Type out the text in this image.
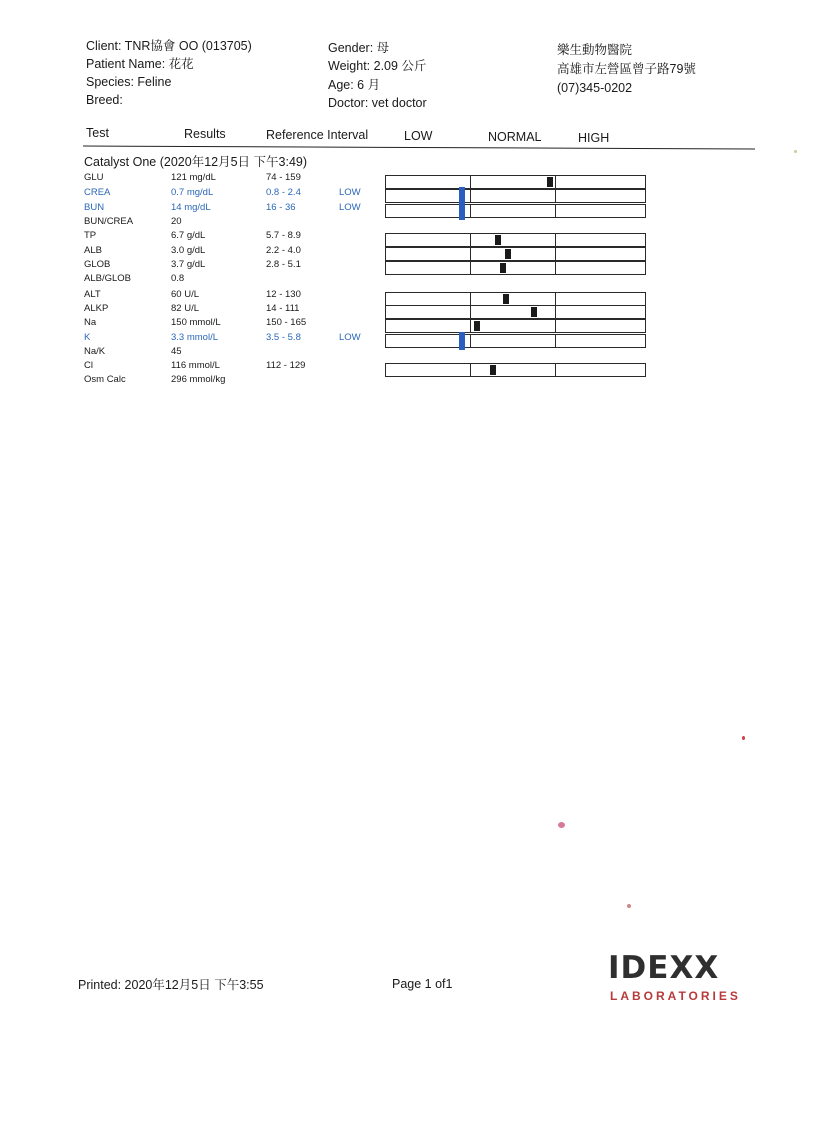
Client: TNR協會 OO (013705)
Patient Name: 花花
Species: Feline
Breed:
Gender: 母
Weight: 2.09 公斤
Age: 6 月
Doctor: vet doctor
樂生動物醫院
高雄市左營區曾子路79號
(07)345-0202
Test	Results	Reference Interval	LOW	NORMAL	HIGH
Catalyst One (2020年12月5日 下午3:49)
GLU	121 mg/dL	74 - 159
CREA	0.7 mg/dL	0.8 - 2.4	LOW
BUN	14 mg/dL	16 - 36	LOW
BUN/CREA	20
TP	6.7 g/dL	5.7 - 8.9
ALB	3.0 g/dL	2.2 - 4.0
GLOB	3.7 g/dL	2.8 - 5.1
ALB/GLOB	0.8
ALT	60 U/L	12 - 130
ALKP	82 U/L	14 - 111
Na	150 mmol/L	150 - 165
K	3.3 mmol/L	3.5 - 5.8	LOW
Na/K	45
Cl	116 mmol/L	112 - 129
Osm Calc	296 mmol/kg
Printed: 2020年12月5日 下午3:55	Page 1 of1	IDEXX
LABORATORIES
